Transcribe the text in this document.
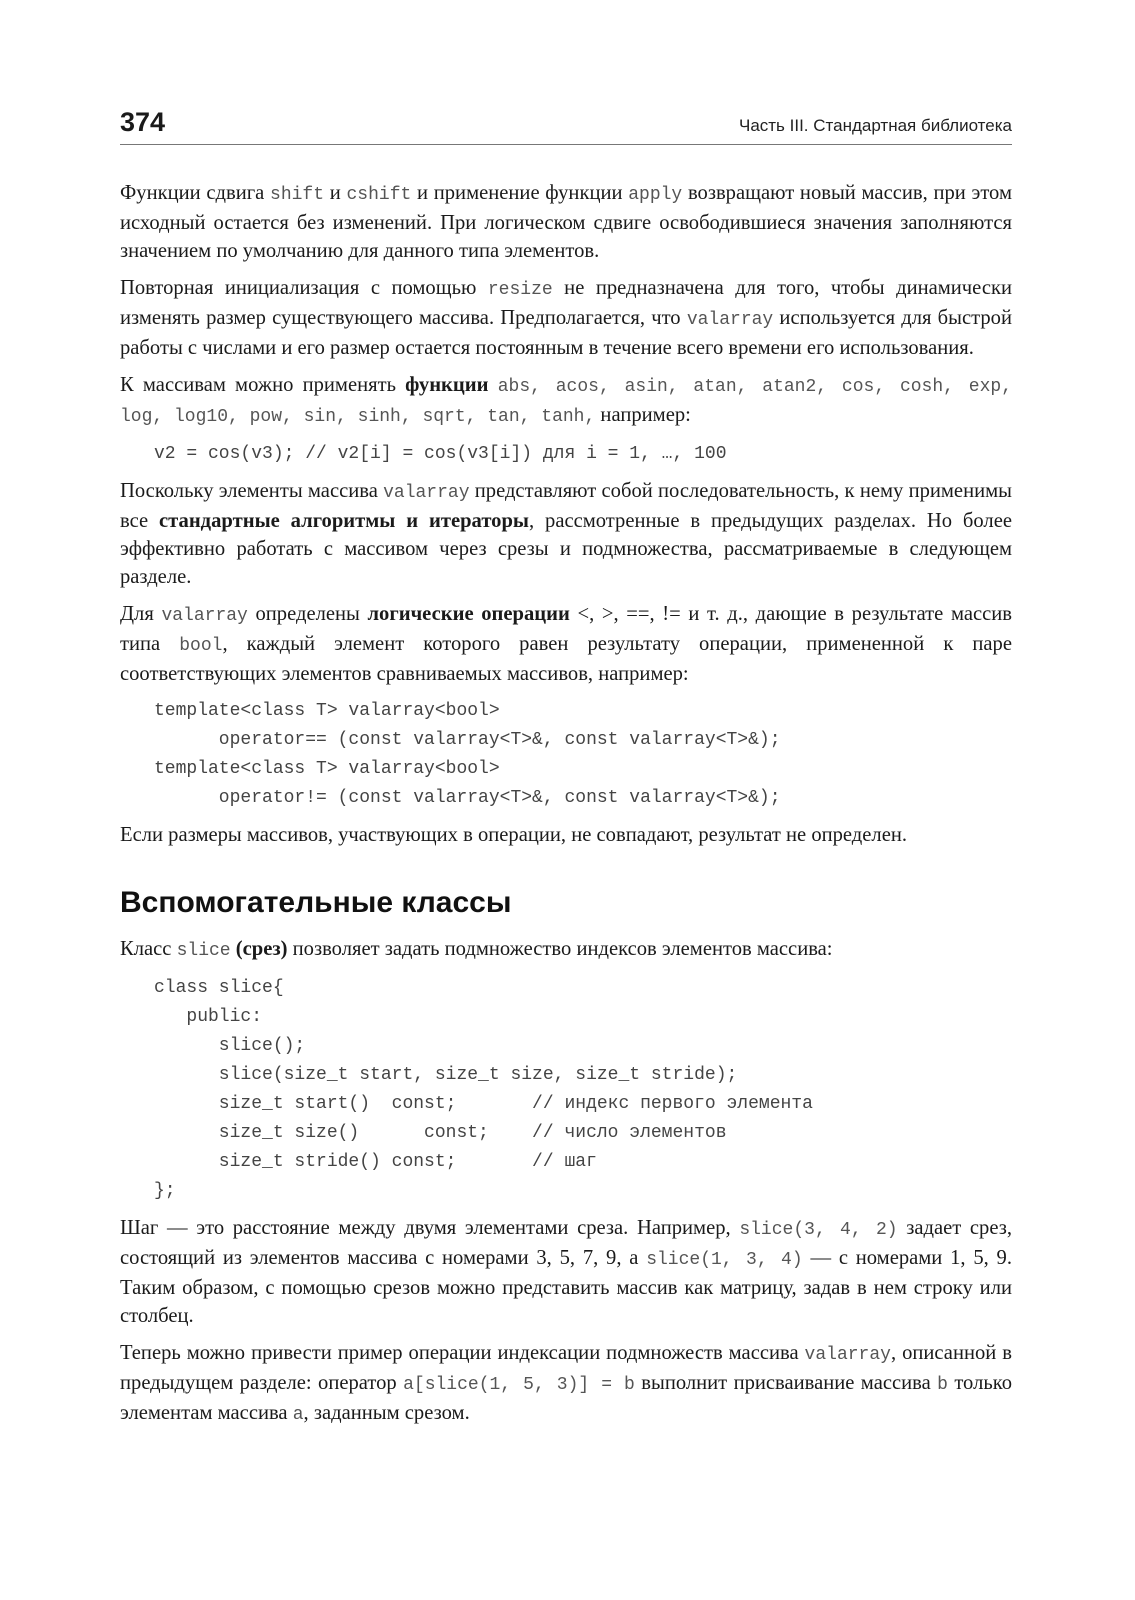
374	Часть III. Стандартная библиотека

Функции сдвига shift и cshift и применение функции apply возвращают новый массив, при этом исходный остается без изменений. При логическом сдвиге освободившиеся значения заполняются значением по умолчанию для данного типа элементов.

Повторная инициализация с помощью resize не предназначена для того, чтобы динамически изменять размер существующего массива. Предполагается, что valarray используется для быстрой работы с числами и его размер остается постоянным в течение всего времени его использования.

К массивам можно применять функции abs, acos, asin, atan, atan2, cos, cosh, exp, log, log10, pow, sin, sinh, sqrt, tan, tanh, например:

v2 = cos(v3); // v2[i] = cos(v3[i]) для i = 1, …, 100

Поскольку элементы массива valarray представляют собой последовательность, к нему применимы все стандартные алгоритмы и итераторы, рассмотренные в предыдущих разделах. Но более эффективно работать с массивом через срезы и подмножества, рассматриваемые в следующем разделе.

Для valarray определены логические операции <, >, ==, != и т. д., дающие в результате массив типа bool, каждый элемент которого равен результату операции, примененной к паре соответствующих элементов сравниваемых массивов, например:

template<class T> valarray<bool>
operator== (const valarray<T>&, const valarray<T>&);
template<class T> valarray<bool>
operator!= (const valarray<T>&, const valarray<T>&);

Если размеры массивов, участвующих в операции, не совпадают, результат не определен.

Вспомогательные классы

Класс slice (срез) позволяет задать подмножество индексов элементов массива:

class slice{
public:
slice();
slice(size_t start, size_t size, size_t stride);
size_t start()  const;       // индекс первого элемента
size_t size()      const;    // число элементов
size_t stride() const;       // шаг
};

Шаг — это расстояние между двумя элементами среза. Например, slice(3, 4, 2) задает срез, состоящий из элементов массива с номерами 3, 5, 7, 9, а slice(1, 3, 4) — с номерами 1, 5, 9. Таким образом, с помощью срезов можно представить массив как матрицу, задав в нем строку или столбец.

Теперь можно привести пример операции индексации подмножеств массива valarray, описанной в предыдущем разделе: оператор a[slice(1, 5, 3)] = b выполнит присваивание массива b только элементам массива a, заданным срезом.
